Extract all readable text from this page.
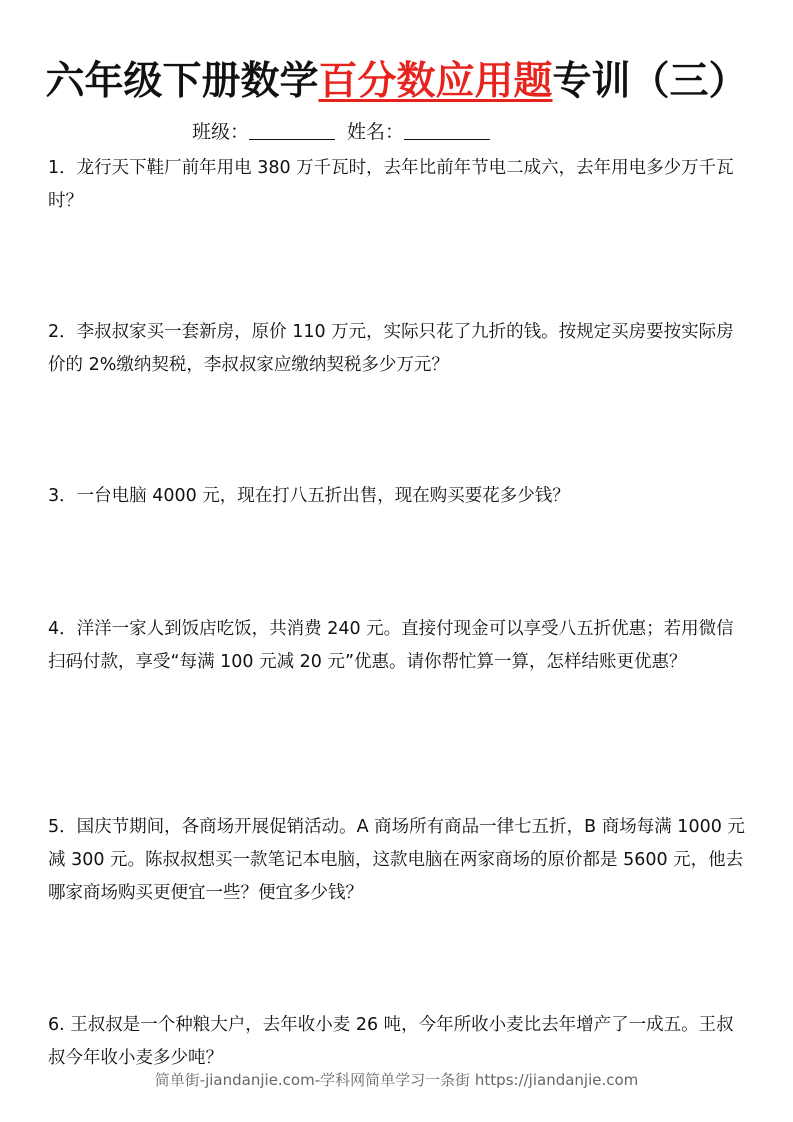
六年级下册数学百分数应用题专训（三）
班级：	姓名：

1．龙行天下鞋厂前年用电 380 万千瓦时，去年比前年节电二成六，去年用电多少万千瓦时？

2．李叔叔家买一套新房，原价 110 万元，实际只花了九折的钱。按规定买房要按实际房价的 2%缴纳契税，李叔叔家应缴纳契税多少万元？

3．一台电脑 4000 元，现在打八五折出售，现在购买要花多少钱？

4．洋洋一家人到饭店吃饭，共消费 240 元。直接付现金可以享受八五折优惠；若用微信扫码付款，享受“每满 100 元减 20 元”优惠。请你帮忙算一算，怎样结账更优惠？

5．国庆节期间，各商场开展促销活动。A 商场所有商品一律七五折，B 商场每满 1000 元减 300 元。陈叔叔想买一款笔记本电脑，这款电脑在两家商场的原价都是 5600 元，他去哪家商场购买更便宜一些？便宜多少钱？

6. 王叔叔是一个种粮大户，去年收小麦 26 吨，今年所收小麦比去年增产了一成五。王叔叔今年收小麦多少吨？

简单街-jiandanjie.com-学科网简单学习一条街 https://jiandanjie.com
